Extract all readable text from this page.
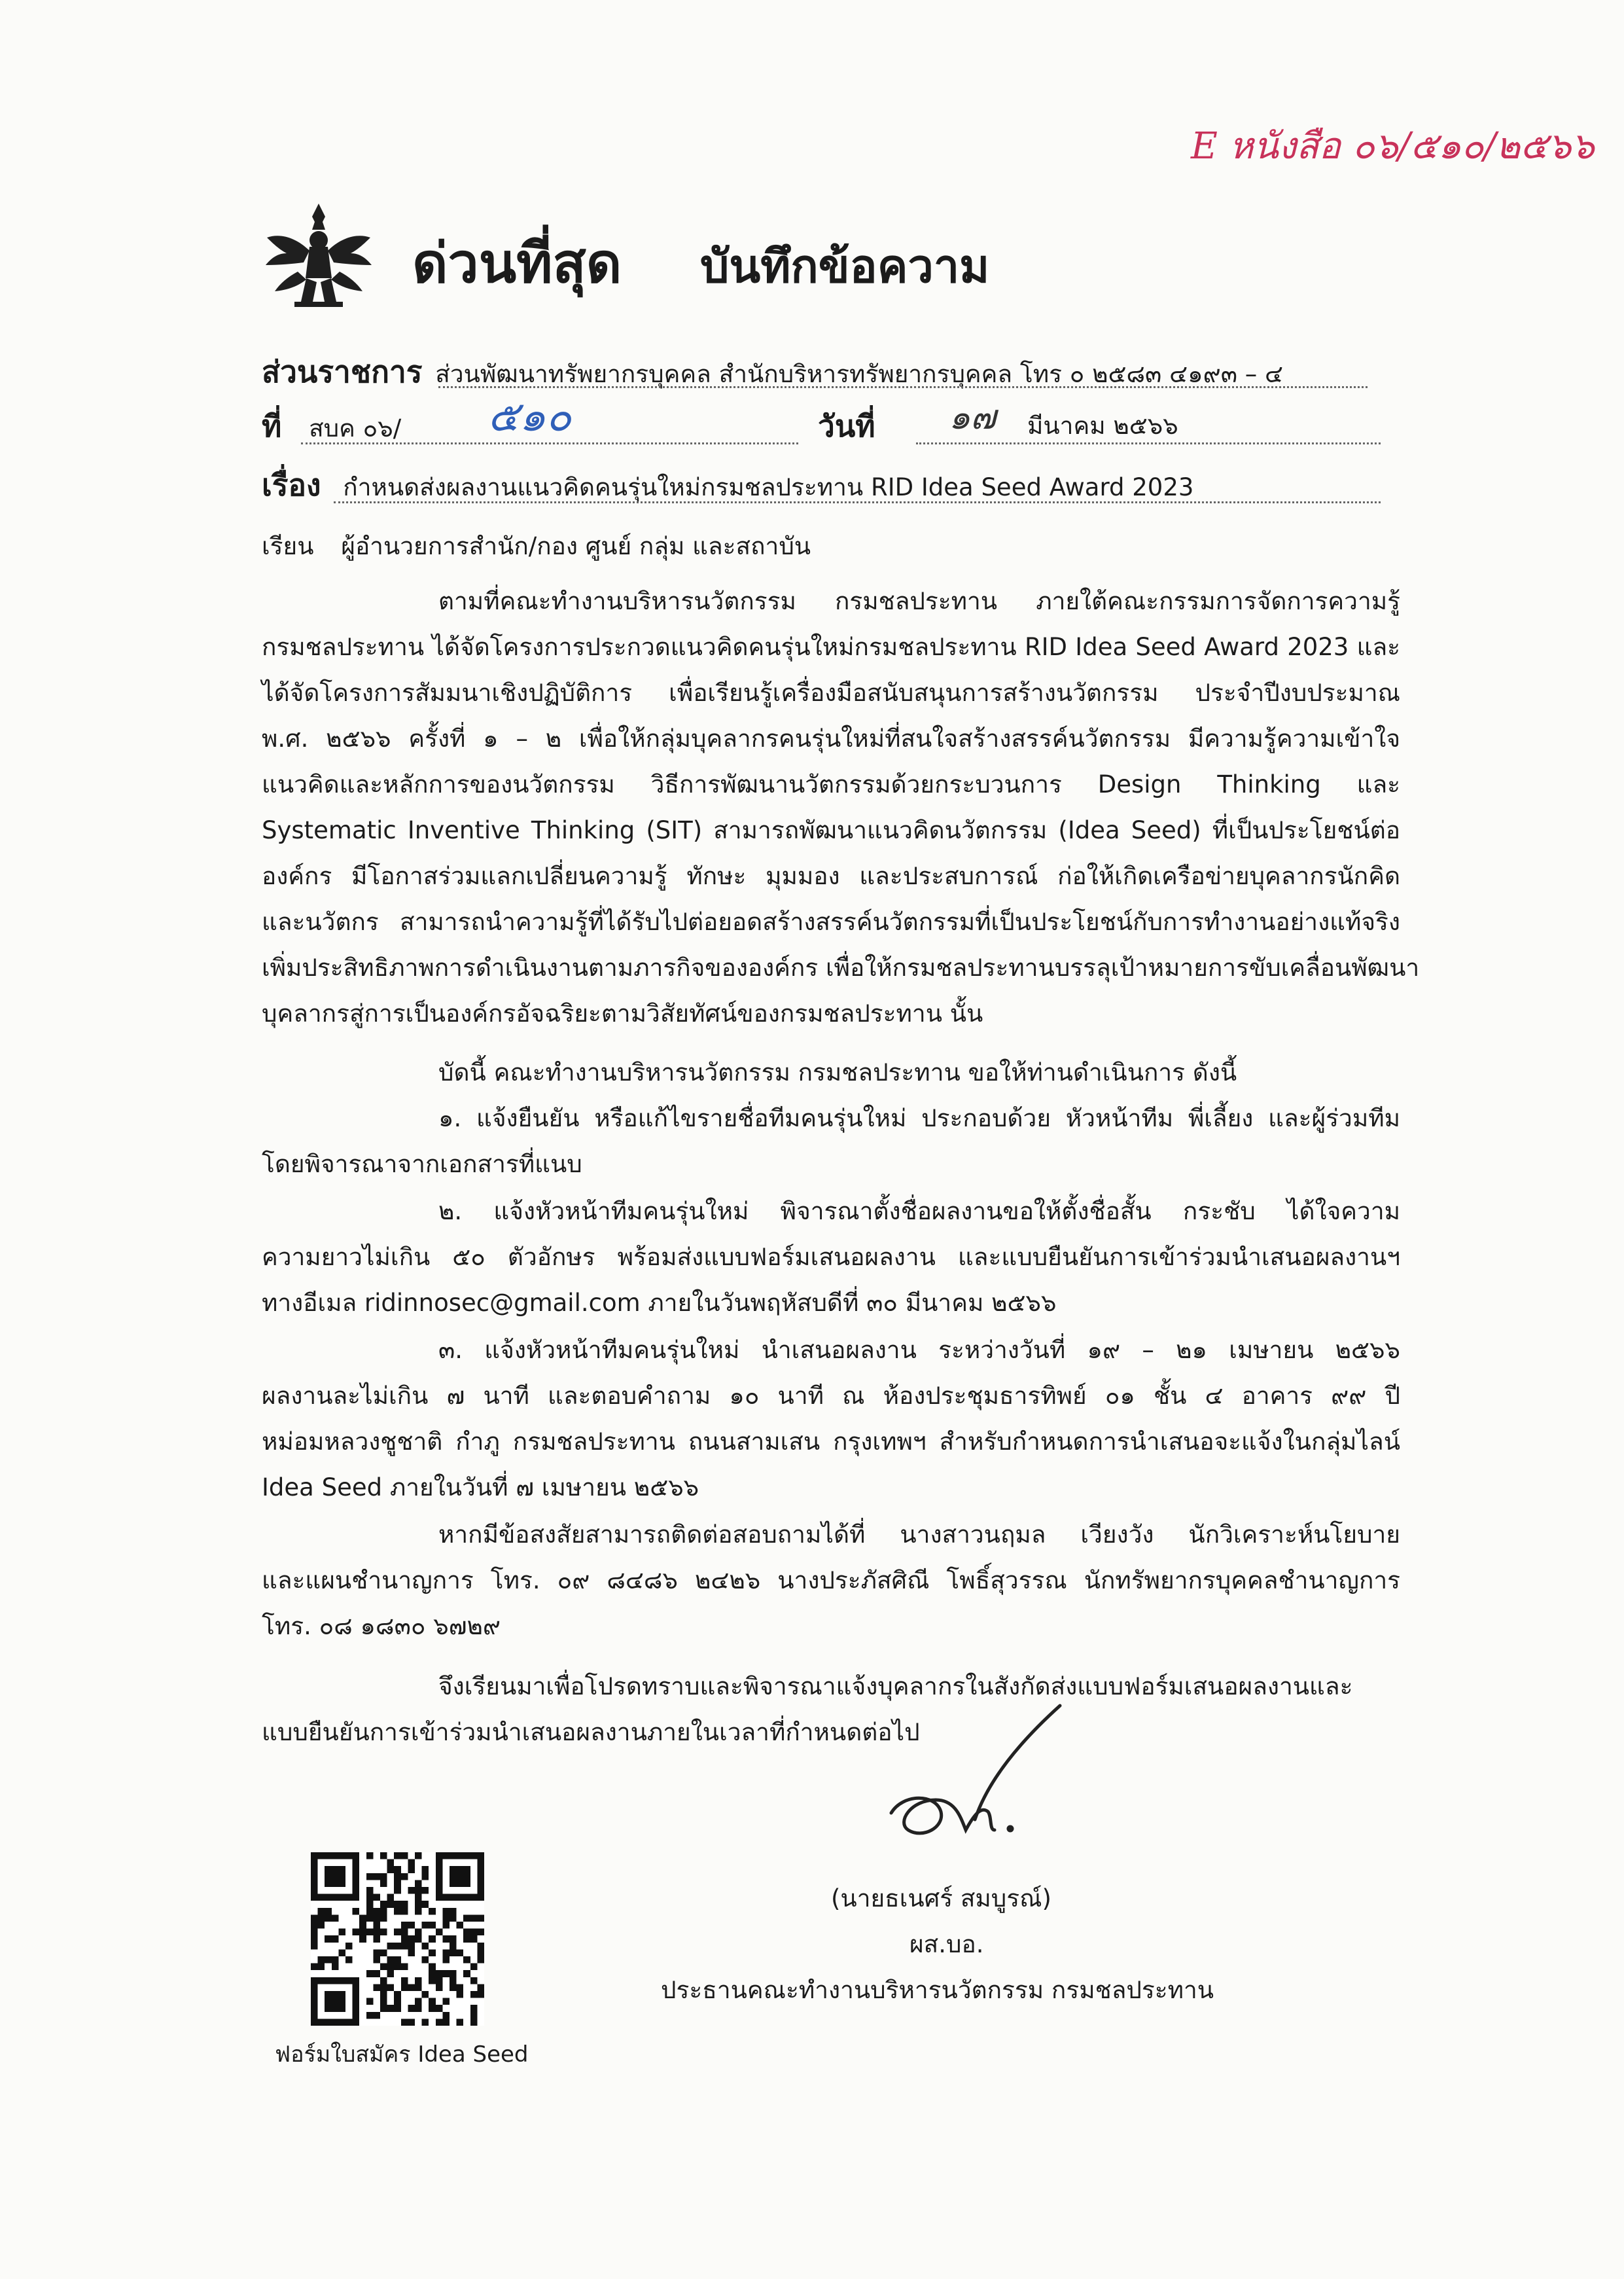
E หนังสือ ๐๖/๕๑๐/๒๕๖๖
ด่วนที่สุด บันทึกข้อความ
ส่วนราชการ ส่วนพัฒนาทรัพยากรบุคคล สำนักบริหารทรัพยากรบุคคล โทร ๐ ๒๕๘๓ ๔๑๙๓ – ๔
ที่ สบค ๐๖/ ๕๑๐	วันที่ ๑๗ มีนาคม ๒๕๖๖
เรื่อง กำหนดส่งผลงานแนวคิดคนรุ่นใหม่กรมชลประทาน RID Idea Seed Award 2023
เรียน ผู้อำนวยการสำนัก/กอง ศูนย์ กลุ่ม และสถาบัน
ตามที่คณะทำงานบริหารนวัตกรรม กรมชลประทาน ภายใต้คณะกรรมการจัดการความรู้
กรมชลประทาน ได้จัดโครงการประกวดแนวคิดคนรุ่นใหม่กรมชลประทาน RID Idea Seed Award 2023 และ
ได้จัดโครงการสัมมนาเชิงปฏิบัติการ เพื่อเรียนรู้เครื่องมือสนับสนุนการสร้างนวัตกรรม ประจำปีงบประมาณ
พ.ศ. ๒๕๖๖ ครั้งที่ ๑ – ๒ เพื่อให้กลุ่มบุคลากรคนรุ่นใหม่ที่สนใจสร้างสรรค์นวัตกรรม มีความรู้ความเข้าใจ
แนวคิดและหลักการของนวัตกรรม วิธีการพัฒนานวัตกรรมด้วยกระบวนการ Design Thinking และ
Systematic Inventive Thinking (SIT) สามารถพัฒนาแนวคิดนวัตกรรม (Idea Seed) ที่เป็นประโยชน์ต่อ
องค์กร มีโอกาสร่วมแลกเปลี่ยนความรู้ ทักษะ มุมมอง และประสบการณ์ ก่อให้เกิดเครือข่ายบุคลากรนักคิด
และนวัตกร สามารถนำความรู้ที่ได้รับไปต่อยอดสร้างสรรค์นวัตกรรมที่เป็นประโยชน์กับการทำงานอย่างแท้จริง
เพิ่มประสิทธิภาพการดำเนินงานตามภารกิจขององค์กร เพื่อให้กรมชลประทานบรรลุเป้าหมายการขับเคลื่อนพัฒนา
บุคลากรสู่การเป็นองค์กรอัจฉริยะตามวิสัยทัศน์ของกรมชลประทาน นั้น
บัดนี้ คณะทำงานบริหารนวัตกรรม กรมชลประทาน ขอให้ท่านดำเนินการ ดังนี้
๑. แจ้งยืนยัน หรือแก้ไขรายชื่อทีมคนรุ่นใหม่ ประกอบด้วย หัวหน้าทีม พี่เลี้ยง และผู้ร่วมทีม
โดยพิจารณาจากเอกสารที่แนบ
๒. แจ้งหัวหน้าทีมคนรุ่นใหม่ พิจารณาตั้งชื่อผลงานขอให้ตั้งชื่อสั้น กระชับ ได้ใจความ
ความยาวไม่เกิน ๕๐ ตัวอักษร พร้อมส่งแบบฟอร์มเสนอผลงาน และแบบยืนยันการเข้าร่วมนำเสนอผลงานฯ
ทางอีเมล ridinnosec@gmail.com ภายในวันพฤหัสบดีที่ ๓๐ มีนาคม ๒๕๖๖
๓. แจ้งหัวหน้าทีมคนรุ่นใหม่ นำเสนอผลงาน ระหว่างวันที่ ๑๙ – ๒๑ เมษายน ๒๕๖๖
ผลงานละไม่เกิน ๗ นาที และตอบคำถาม ๑๐ นาที ณ ห้องประชุมธารทิพย์ ๐๑ ชั้น ๔ อาคาร ๙๙ ปี
หม่อมหลวงชูชาติ กำภู กรมชลประทาน ถนนสามเสน กรุงเทพฯ สำหรับกำหนดการนำเสนอจะแจ้งในกลุ่มไลน์
Idea Seed ภายในวันที่ ๗ เมษายน ๒๕๖๖
หากมีข้อสงสัยสามารถติดต่อสอบถามได้ที่ นางสาวนฤมล เวียงวัง นักวิเคราะห์นโยบาย
และแผนชำนาญการ โทร. ๐๙ ๘๔๘๖ ๒๔๒๖ นางประภัสศิณี โพธิ์สุวรรณ นักทรัพยากรบุคคลชำนาญการ
โทร. ๐๘ ๑๘๓๐ ๖๗๒๙
จึงเรียนมาเพื่อโปรดทราบและพิจารณาแจ้งบุคลากรในสังกัดส่งแบบฟอร์มเสนอผลงานและ
แบบยืนยันการเข้าร่วมนำเสนอผลงานภายในเวลาที่กำหนดต่อไป
(นายธเนศร์ สมบูรณ์)
ผส.บอ.
ประธานคณะทำงานบริหารนวัตกรรม กรมชลประทาน
ฟอร์มใบสมัคร Idea Seed
